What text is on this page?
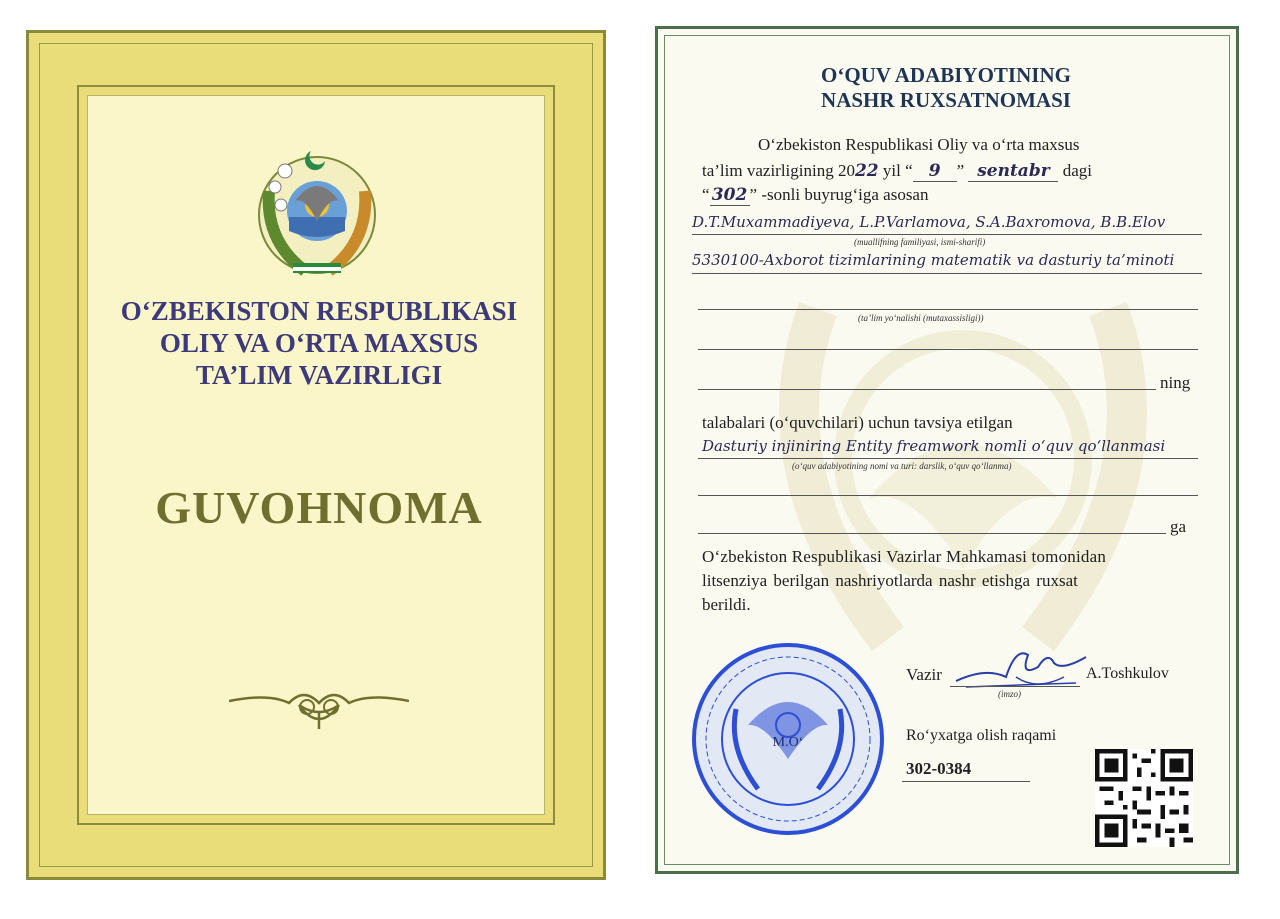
O‘ZBEKISTON RESPUBLIKASI
OLIY VA O‘RTA MAXSUS
TA’LIM VAZIRLIGI
GUVOHNOMA
O‘QUV ADABIYOTINING
NASHR RUXSATNOMASI
O‘zbekiston Respublikasi Oliy va o‘rta maxsus
ta’lim vazirligining 2022 yil “ 9 ” sentabr dagi
“ 302 ” -sonli buyrug‘iga asosan
D.T.Muxammadiyeva, L.P.Varlamova, S.A.Baxromova, B.B.Elov
(muallifning familiyasi, ismi-sharifi)
5330100-Axborot tizimlarining matematik va dasturiy ta’minoti
(ta’lim yo‘nalishi (mutaxassisligi))
ning
talabalari (o‘quvchilari) uchun tavsiya etilgan
Dasturiy injiniring Entity freamwork nomli o‘quv qo‘llanmasi
(o‘quv adabiyotining nomi va turi: darslik, o‘quv qo‘llanma)
ga
O‘zbekiston Respublikasi Vazirlar Mahkamasi tomonidan
litsenziya berilgan nashriyotlarda nashr etishga ruxsat
berildi.
M.O‘
Vazir
(imzo)
A.Toshkulov
Ro‘yxatga olish raqami
302-0384
